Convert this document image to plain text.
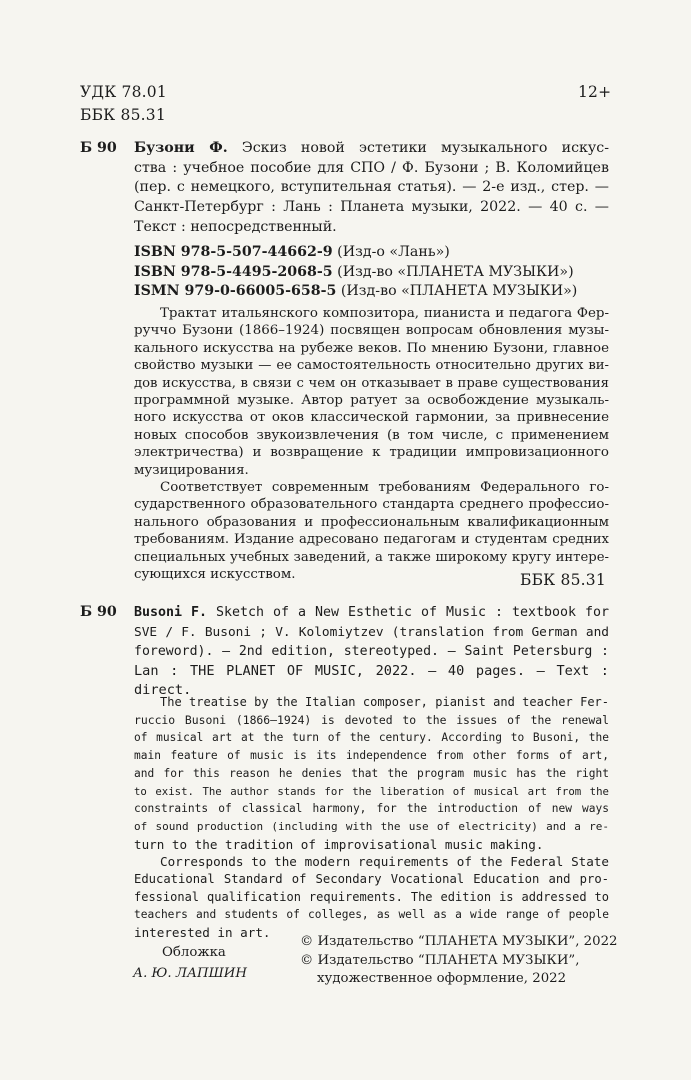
УДК 78.01
ББК 85.31
12+
Б 90 Бузони Ф. Эскиз новой эстетики музыкального искус-
ства : учебное пособие для СПО / Ф. Бузони ; В. Коломийцев
(пер. с немецкого, вступительная статья). — 2-е изд., стер. —
Санкт-Петербург : Лань : Планета музыки, 2022. — 40 с. —
Текст : непосредственный.
ISBN 978-5-507-44662-9 (Изд-о «Лань»)
ISBN 978-5-4495-2068-5 (Изд-во «ПЛАНЕТА МУЗЫКИ»)
ISMN 979-0-66005-658-5 (Изд-во «ПЛАНЕТА МУЗЫКИ»)
Трактат итальянского композитора, пианиста и педагога Фер-
руччо Бузони (1866–1924) посвящен вопросам обновления музы-
кального искусства на рубеже веков. По мнению Бузони, главное
свойство музыки — ее самостоятельность относительно других ви-
дов искусства, в связи с чем он отказывает в праве существования
программной музыке. Автор ратует за освобождение музыкаль-
ного искусства от оков классической гармонии, за привнесение
новых способов звукоизвлечения (в том числе, с применением
электричества) и возвращение к традиции импровизационного
музицирования.
Соответствует современным требованиям Федерального го-
сударственного образовательного стандарта среднего профессио-
нального образования и профессиональным квалификационным
требованиям. Издание адресовано педагогам и студентам средних
специальных учебных заведений, а также широкому кругу интере-
сующихся искусством.	ББК 85.31
Б 90 Busoni F. Sketch of a New Esthetic of Music : textbook for
SVE / F. Busoni ; V. Kolomiytzev (translation from German and
foreword). — 2nd edition, stereotyped. — Saint Petersburg :
Lan : THE PLANET OF MUSIC, 2022. — 40 pages. — Text :
direct.
The treatise by the Italian composer, pianist and teacher Fer-
ruccio Busoni (1866–1924) is devoted to the issues of the renewal
of musical art at the turn of the century. According to Busoni, the
main feature of music is its independence from other forms of art,
and for this reason he denies that the program music has the right
to exist. The author stands for the liberation of musical art from the
constraints of classical harmony, for the introduction of new ways
of sound production (including with the use of electricity) and a re-
turn to the tradition of improvisational music making.
Corresponds to the modern requirements of the Federal State
Educational Standard of Secondary Vocational Education and pro-
fessional qualification requirements. The edition is addressed to
teachers and students of colleges, as well as a wide range of people
interested in art.
Обложка
А. Ю. ЛАПШИН
© Издательство “ПЛАНЕТА МУЗЫКИ”, 2022
© Издательство “ПЛАНЕТА МУЗЫКИ”,
художественное оформление, 2022
